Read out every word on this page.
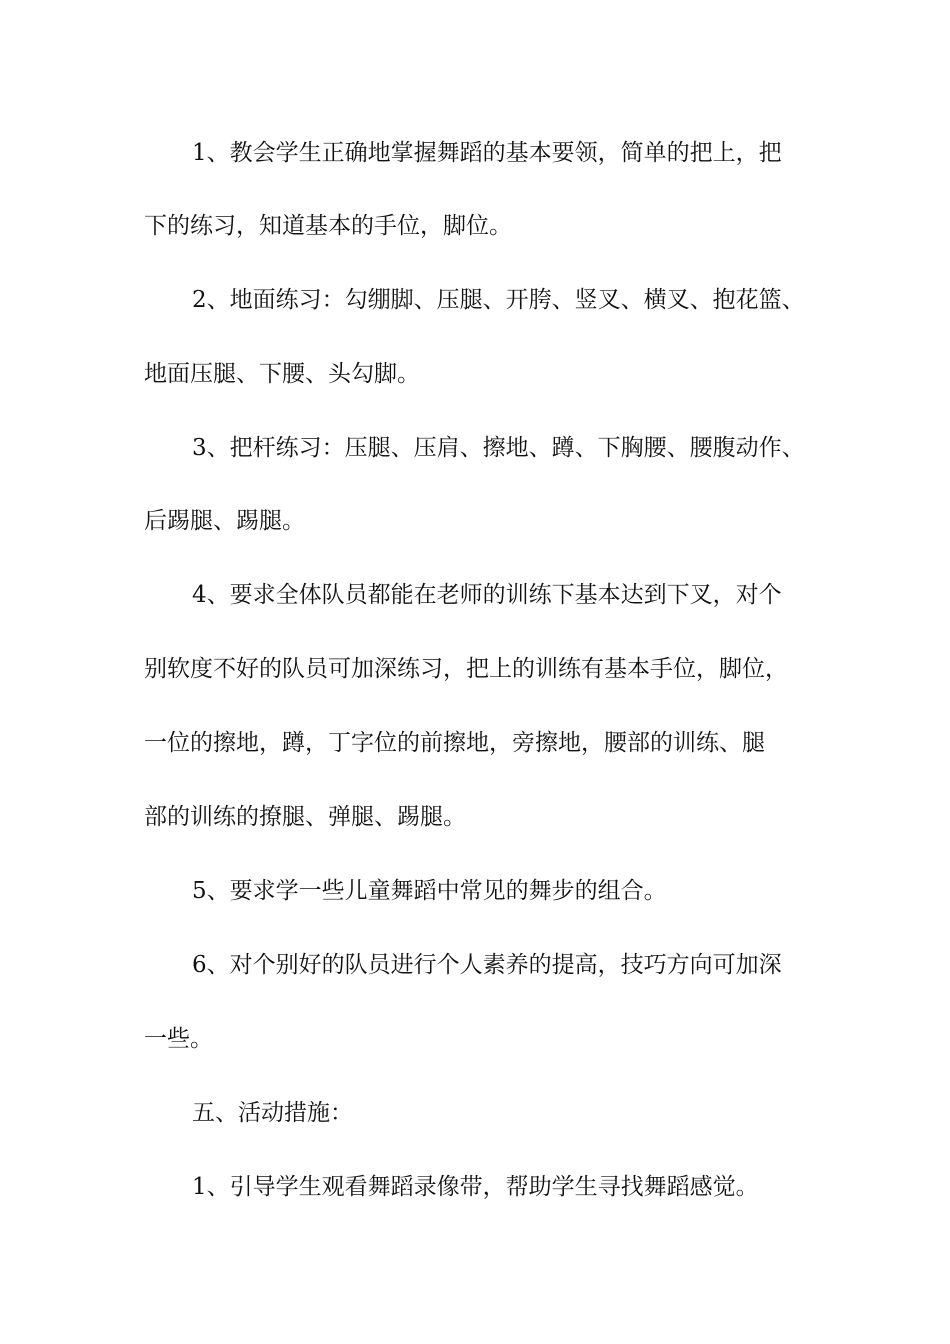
1、教会学生正确地掌握舞蹈的基本要领，简单的把上，把

下的练习，知道基本的手位，脚位。

2、地面练习：勾绷脚、压腿、开胯、竖叉、横叉、抱花篮、

地面压腿、下腰、头勾脚。

3、把杆练习：压腿、压肩、擦地、蹲、下胸腰、腰腹动作、

后踢腿、踢腿。

4、要求全体队员都能在老师的训练下基本达到下叉，对个

别软度不好的队员可加深练习，把上的训练有基本手位，脚位，

一位的擦地，蹲，丁字位的前擦地，旁擦地，腰部的训练、腿

部的训练的撩腿、弹腿、踢腿。

5、要求学一些儿童舞蹈中常见的舞步的组合。

6、对个别好的队员进行个人素养的提高，技巧方向可加深

一些。

五、活动措施：

1、引导学生观看舞蹈录像带，帮助学生寻找舞蹈感觉。
